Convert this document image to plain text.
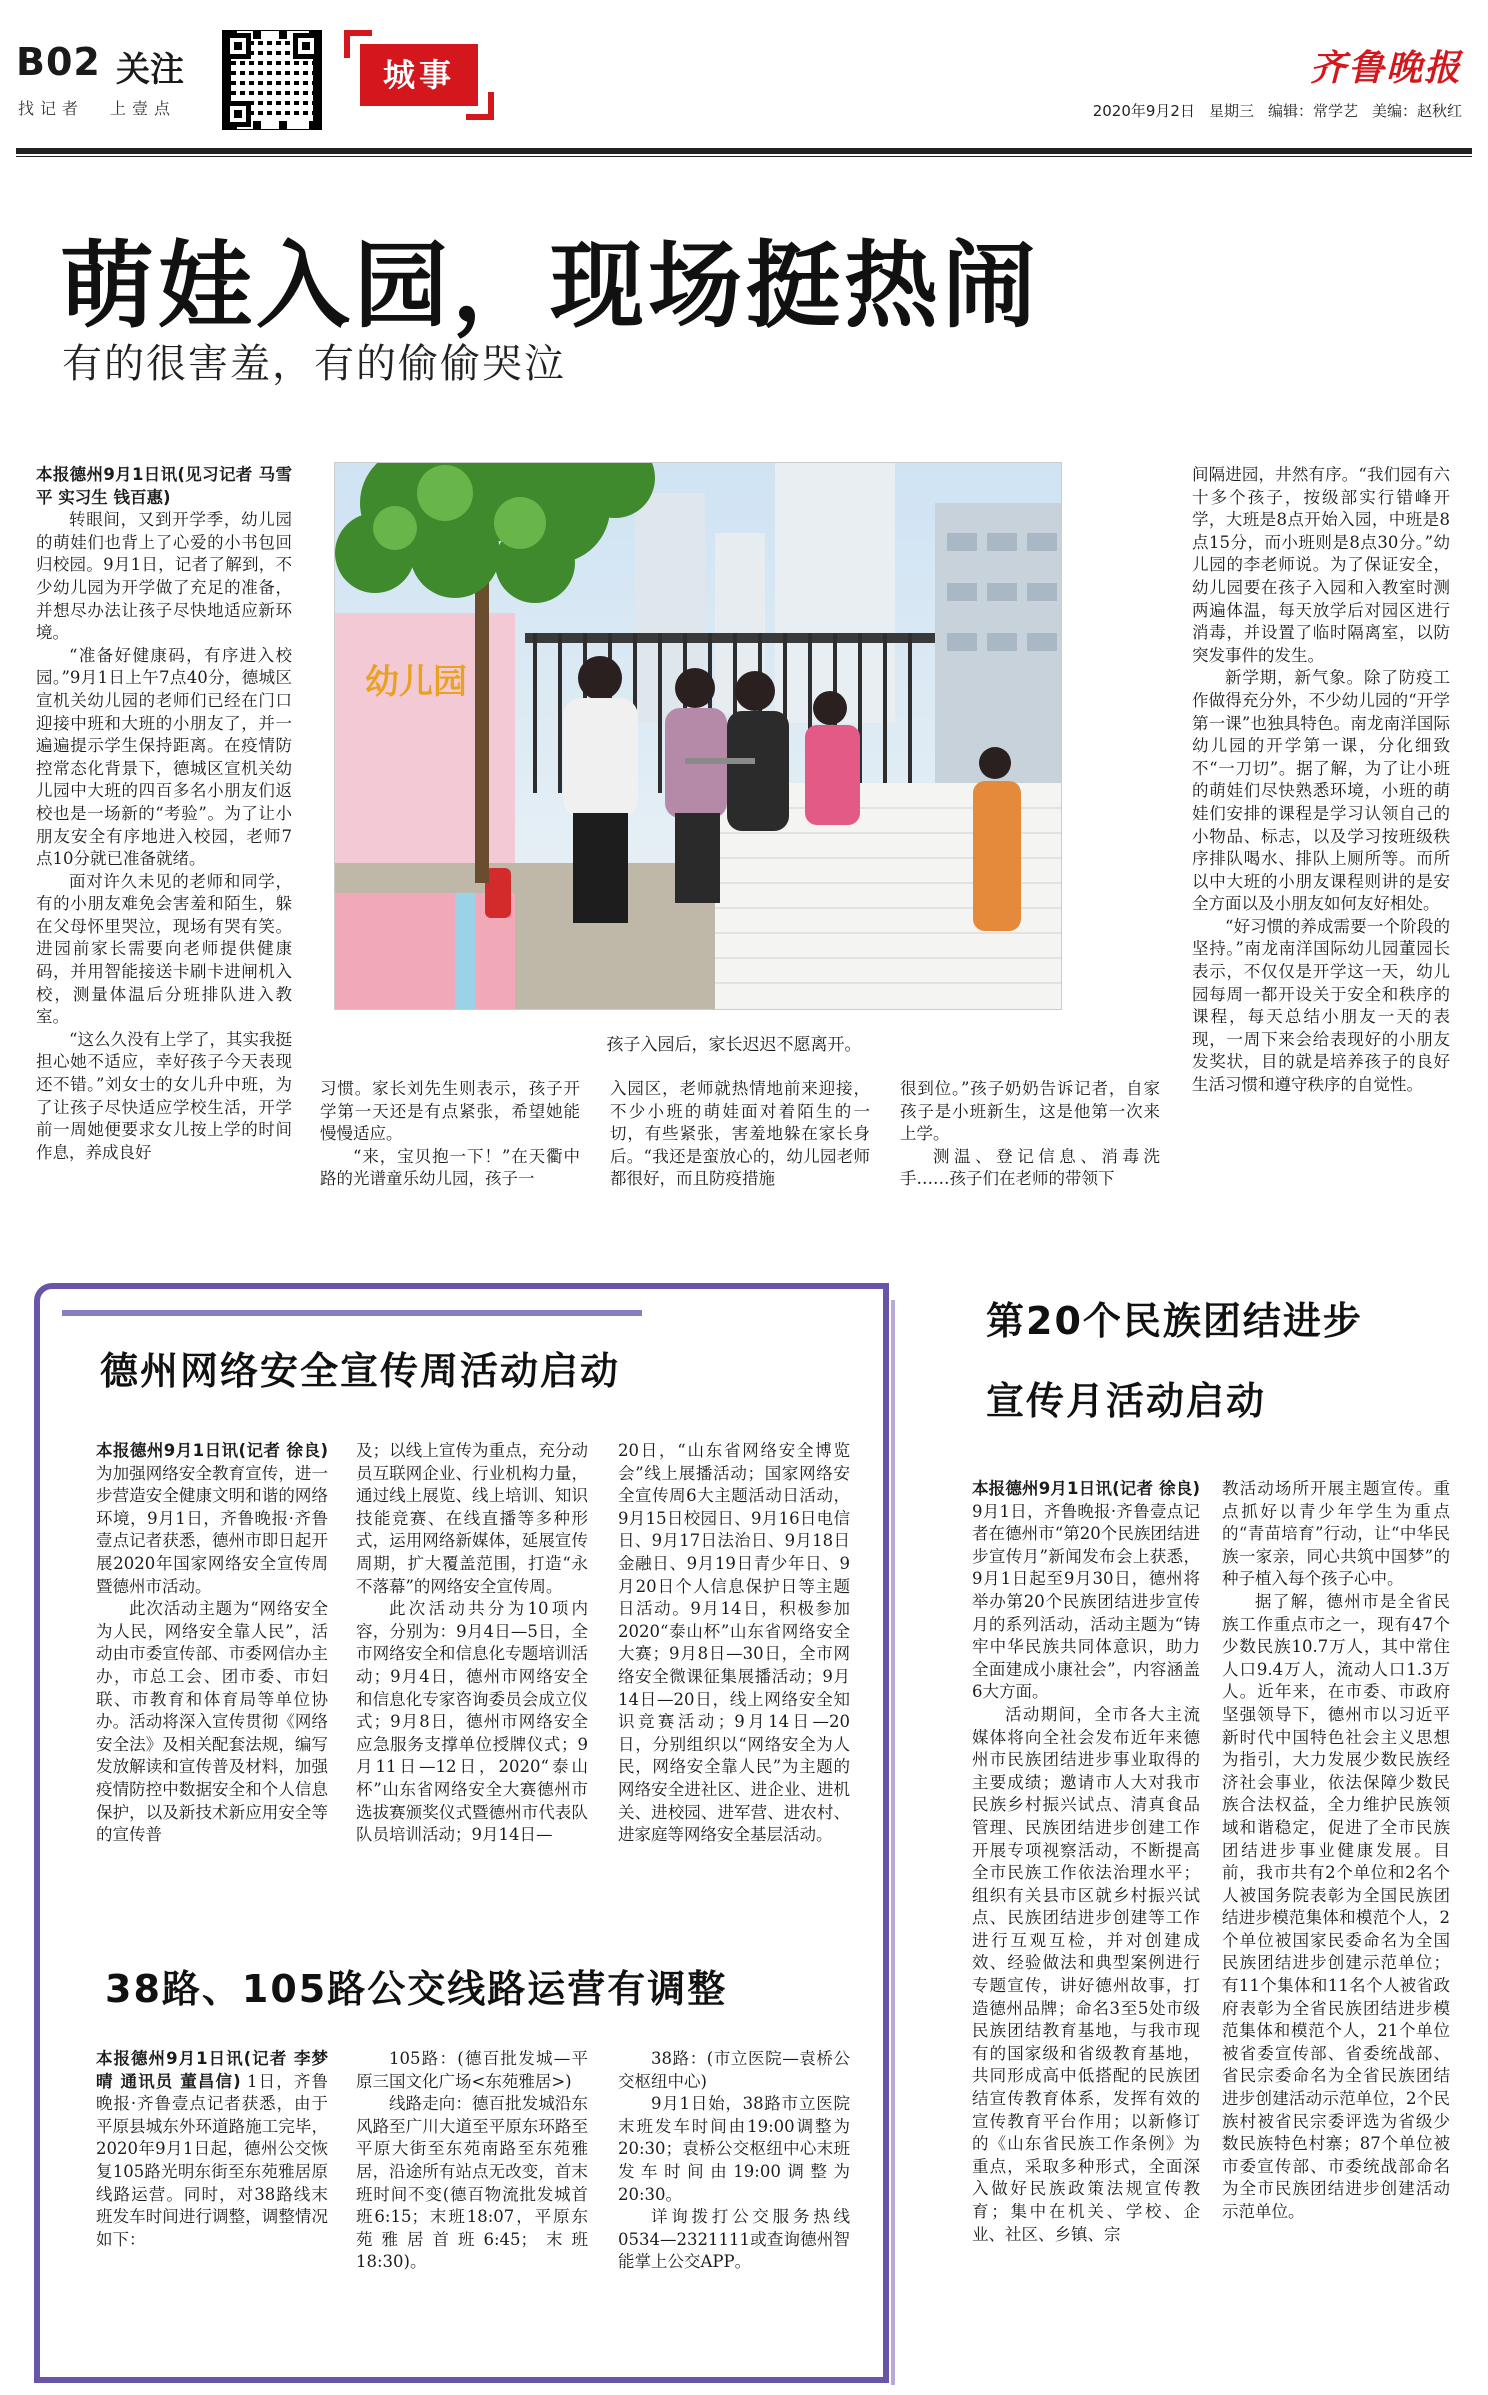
B02 关注
找记者 上壹点
城事	齐鲁晚报
2020年9月2日 星期三 编辑：常学艺 美编：赵秋红
萌娃入园，现场挺热闹
有的很害羞，有的偷偷哭泣

本报德州9月1日讯(见习记者 马雪平 实习生 钱百惠)

转眼间，又到开学季，幼儿园的萌娃们也背上了心爱的小书包回归校园。9月1日，记者了解到，不少幼儿园为开学做了充足的准备，并想尽办法让孩子尽快地适应新环境。

“准备好健康码，有序进入校园。”9月1日上午7点40分，德城区宣机关幼儿园的老师们已经在门口迎接中班和大班的小朋友了，并一遍遍提示学生保持距离。在疫情防控常态化背景下，德城区宣机关幼儿园中大班的四百多名小朋友们返校也是一场新的“考验”。为了让小朋友安全有序地进入校园，老师7点10分就已准备就绪。

面对许久未见的老师和同学，有的小朋友难免会害羞和陌生，躲在父母怀里哭泣，现场有哭有笑。进园前家长需要向老师提供健康码，并用智能接送卡刷卡进闸机入校，测量体温后分班排队进入教室。

“这么久没有上学了，其实我挺担心她不适应，幸好孩子今天表现还不错。”刘女士的女儿升中班，为了让孩子尽快适应学校生活，开学前一周她便要求女儿按上学的时间作息，养成良好

幼儿园
孩子入园后，家长迟迟不愿离开。

习惯。家长刘先生则表示，孩子开学第一天还是有点紧张，希望她能慢慢适应。

“来，宝贝抱一下！”在天衢中路的光谱童乐幼儿园，孩子一

入园区，老师就热情地前来迎接，不少小班的萌娃面对着陌生的一切，有些紧张，害羞地躲在家长身后。“我还是蛮放心的，幼儿园老师都很好，而且防疫措施

很到位。”孩子奶奶告诉记者，自家孩子是小班新生，这是他第一次来上学。

测温、登记信息、消毒洗手……孩子们在老师的带领下

间隔进园，井然有序。“我们园有六十多个孩子，按级部实行错峰开学，大班是8点开始入园，中班是8点15分，而小班则是8点30分。”幼儿园的李老师说。为了保证安全，幼儿园要在孩子入园和入教室时测两遍体温，每天放学后对园区进行消毒，并设置了临时隔离室，以防突发事件的发生。

新学期，新气象。除了防疫工作做得充分外，不少幼儿园的“开学第一课”也独具特色。南龙南洋国际幼儿园的开学第一课，分化细致不“一刀切”。据了解，为了让小班的萌娃们尽快熟悉环境，小班的萌娃们安排的课程是学习认领自己的小物品、标志，以及学习按班级秩序排队喝水、排队上厕所等。而所以中大班的小朋友课程则讲的是安全方面以及小朋友如何友好相处。

“好习惯的养成需要一个阶段的坚持。”南龙南洋国际幼儿园董园长表示，不仅仅是开学这一天，幼儿园每周一都开设关于安全和秩序的课程，每天总结小朋友一天的表现，一周下来会给表现好的小朋友发奖状，目的就是培养孩子的良好生活习惯和遵守秩序的自觉性。

德州网络安全宣传周活动启动

本报德州9月1日讯(记者 徐良) 为加强网络安全教育宣传，进一步营造安全健康文明和谐的网络环境，9月1日，齐鲁晚报·齐鲁壹点记者获悉，德州市即日起开展2020年国家网络安全宣传周暨德州市活动。

此次活动主题为“网络安全为人民，网络安全靠人民”，活动由市委宣传部、市委网信办主办，市总工会、团市委、市妇联、市教育和体育局等单位协办。活动将深入宣传贯彻《网络安全法》及相关配套法规，编写发放解读和宣传普及材料，加强疫情防控中数据安全和个人信息保护，以及新技术新应用安全等的宣传普

及；以线上宣传为重点，充分动员互联网企业、行业机构力量，通过线上展览、线上培训、知识技能竞赛、在线直播等多种形式，运用网络新媒体，延展宣传周期，扩大覆盖范围，打造“永不落幕”的网络安全宣传周。

此次活动共分为10项内容，分别为：9月4日—5日，全市网络安全和信息化专题培训活动；9月4日，德州市网络安全和信息化专家咨询委员会成立仪式；9月8日，德州市网络安全应急服务支撑单位授牌仪式；9月11日—12日，2020“泰山杯”山东省网络安全大赛德州市选拔赛颁奖仪式暨德州市代表队队员培训活动；9月14日—

20日，“山东省网络安全博览会”线上展播活动；国家网络安全宣传周6大主题活动日活动，9月15日校园日、9月16日电信日、9月17日法治日、9月18日金融日、9月19日青少年日、9月20日个人信息保护日等主题日活动。9月14日，积极参加2020“泰山杯”山东省网络安全大赛；9月8日—30日，全市网络安全微课征集展播活动；9月14日—20日，线上网络安全知识竞赛活动；9月14日—20日，分别组织以“网络安全为人民，网络安全靠人民”为主题的网络安全进社区、进企业、进机关、进校园、进军营、进农村、进家庭等网络安全基层活动。

38路、105路公交线路运营有调整

本报德州9月1日讯(记者 李梦晴 通讯员 董昌信) 1日，齐鲁晚报·齐鲁壹点记者获悉，由于平原县城东外环道路施工完毕，2020年9月1日起，德州公交恢复105路光明东街至东苑雅居原线路运营。同时，对38路线末班发车时间进行调整，调整情况如下：

105路：(德百批发城—平原三国文化广场<东苑雅居>)

线路走向：德百批发城沿东风路至广川大道至平原东环路至平原大街至东苑南路至东苑雅居，沿途所有站点无改变，首末班时间不变(德百物流批发城首班6:15；末班18:07，平原东苑雅居首班6:45；末班18:30)。

38路：(市立医院—袁桥公交枢纽中心)

9月1日始，38路市立医院末班发车时间由19:00调整为20:30；袁桥公交枢纽中心末班发车时间由19:00调整为20:30。

详询拨打公交服务热线0534—2321111或查询德州智能掌上公交APP。

第20个民族团结进步
宣传月活动启动

本报德州9月1日讯(记者 徐良) 9月1日，齐鲁晚报·齐鲁壹点记者在德州市“第20个民族团结进步宣传月”新闻发布会上获悉，9月1日起至9月30日，德州将举办第20个民族团结进步宣传月的系列活动，活动主题为“铸牢中华民族共同体意识，助力全面建成小康社会”，内容涵盖6大方面。

活动期间，全市各大主流媒体将向全社会发布近年来德州市民族团结进步事业取得的主要成绩；邀请市人大对我市民族乡村振兴试点、清真食品管理、民族团结进步创建工作开展专项视察活动，不断提高全市民族工作依法治理水平；组织有关县市区就乡村振兴试点、民族团结进步创建等工作进行互观互检，并对创建成效、经验做法和典型案例进行专题宣传，讲好德州故事，打造德州品牌；命名3至5处市级民族团结教育基地，与我市现有的国家级和省级教育基地，共同形成高中低搭配的民族团结宣传教育体系，发挥有效的宣传教育平台作用；以新修订的《山东省民族工作条例》为重点，采取多种形式，全面深入做好民族政策法规宣传教育；集中在机关、学校、企业、社区、乡镇、宗

教活动场所开展主题宣传。重点抓好以青少年学生为重点的“青苗培育”行动，让“中华民族一家亲，同心共筑中国梦”的种子植入每个孩子心中。

据了解，德州市是全省民族工作重点市之一，现有47个少数民族10.7万人，其中常住人口9.4万人，流动人口1.3万人。近年来，在市委、市政府坚强领导下，德州市以习近平新时代中国特色社会主义思想为指引，大力发展少数民族经济社会事业，依法保障少数民族合法权益，全力维护民族领域和谐稳定，促进了全市民族团结进步事业健康发展。目前，我市共有2个单位和2名个人被国务院表彰为全国民族团结进步模范集体和模范个人，2个单位被国家民委命名为全国民族团结进步创建示范单位；有11个集体和11名个人被省政府表彰为全省民族团结进步模范集体和模范个人，21个单位被省委宣传部、省委统战部、省民宗委命名为全省民族团结进步创建活动示范单位，2个民族村被省民宗委评选为省级少数民族特色村寨；87个单位被市委宣传部、市委统战部命名为全市民族团结进步创建活动示范单位。
